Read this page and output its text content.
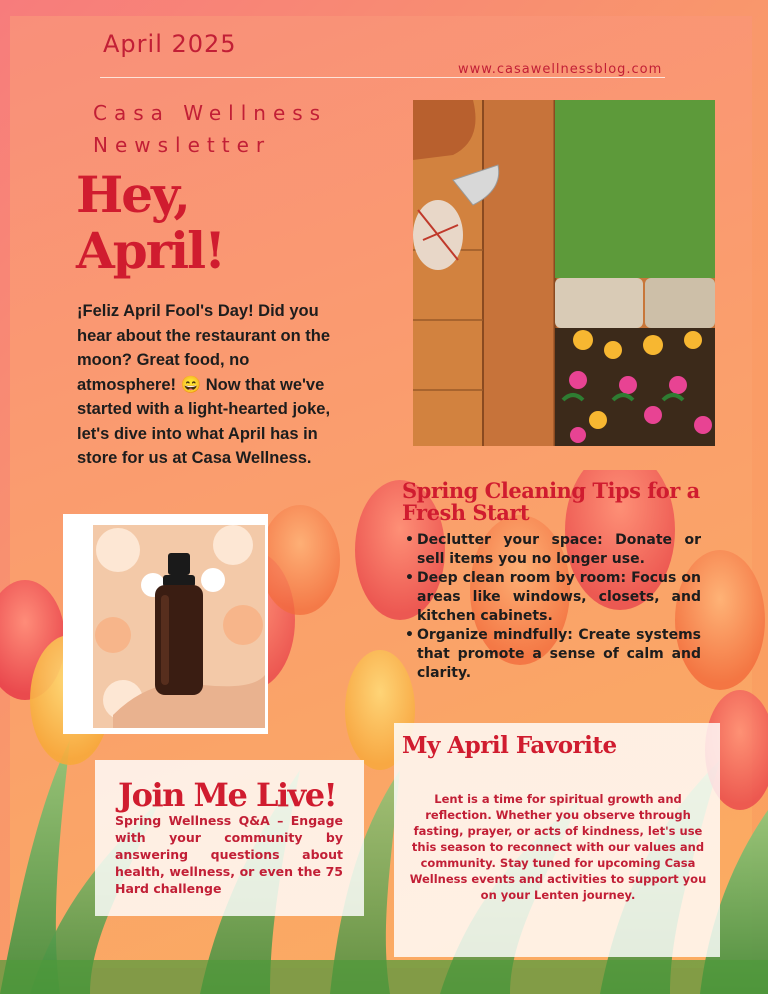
April 2025
www.casawellnessblog.com
Casa Wellness Newsletter
Hey,
April!
¡Feliz April Fool's Day! Did you hear about the restaurant on the moon? Great food, no atmosphere! 😄 Now that we've started with a light-hearted joke, let's dive into what April has in store for us at Casa Wellness.
Spring Cleaning Tips for a Fresh Start
• Declutter your space: Donate or sell items you no longer use.
• Deep clean room by room: Focus on areas like windows, closets, and kitchen cabinets.
• Organize mindfully: Create systems that promote a sense of calm and clarity.
Join Me Live!
Spring Wellness Q&A – Engage with your community by answering questions about health, wellness, or even the 75 Hard challenge
My April Favorite
Lent is a time for spiritual growth and reflection. Whether you observe through fasting, prayer, or acts of kindness, let's use this season to reconnect with our values and community. Stay tuned for upcoming Casa Wellness events and activities to support you on your Lenten journey.
